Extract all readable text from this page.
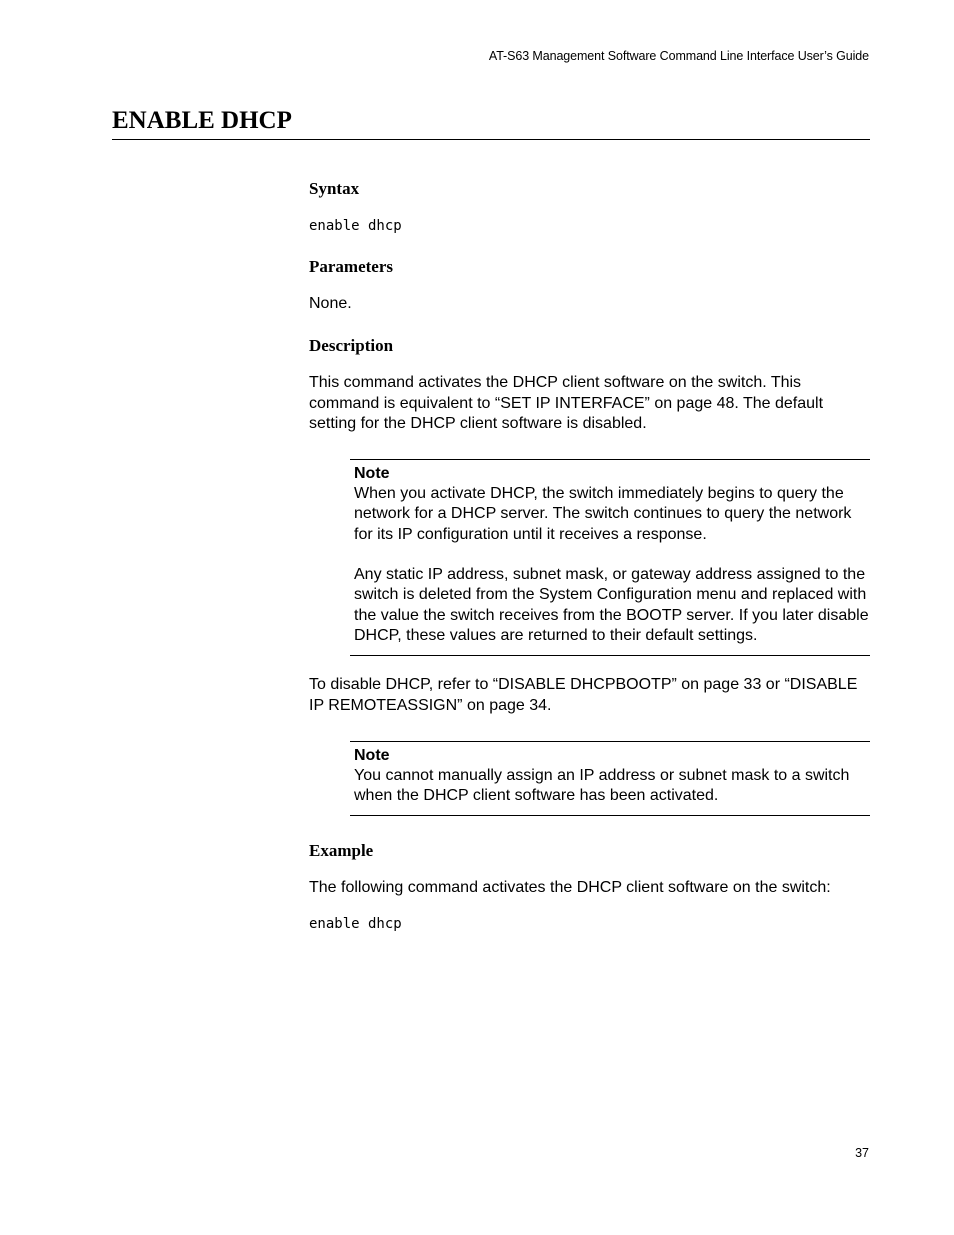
AT-S63 Management Software Command Line Interface User’s Guide
ENABLE DHCP
Syntax
enable dhcp
Parameters

None.

Description

This command activates the DHCP client software on the switch. This command is equivalent to “SET IP INTERFACE” on page 48. The default setting for the DHCP client software is disabled.

Note

When you activate DHCP, the switch immediately begins to query the network for a DHCP server. The switch continues to query the network for its IP configuration until it receives a response.

Any static IP address, subnet mask, or gateway address assigned to the switch is deleted from the System Configuration menu and replaced with the value the switch receives from the BOOTP server. If you later disable DHCP, these values are returned to their default settings.

To disable DHCP, refer to “DISABLE DHCPBOOTP” on page 33 or “DISABLE IP REMOTEASSIGN” on page 34.

Note

You cannot manually assign an IP address or subnet mask to a switch when the DHCP client software has been activated.

Example

The following command activates the DHCP client software on the switch:

enable dhcp
37
